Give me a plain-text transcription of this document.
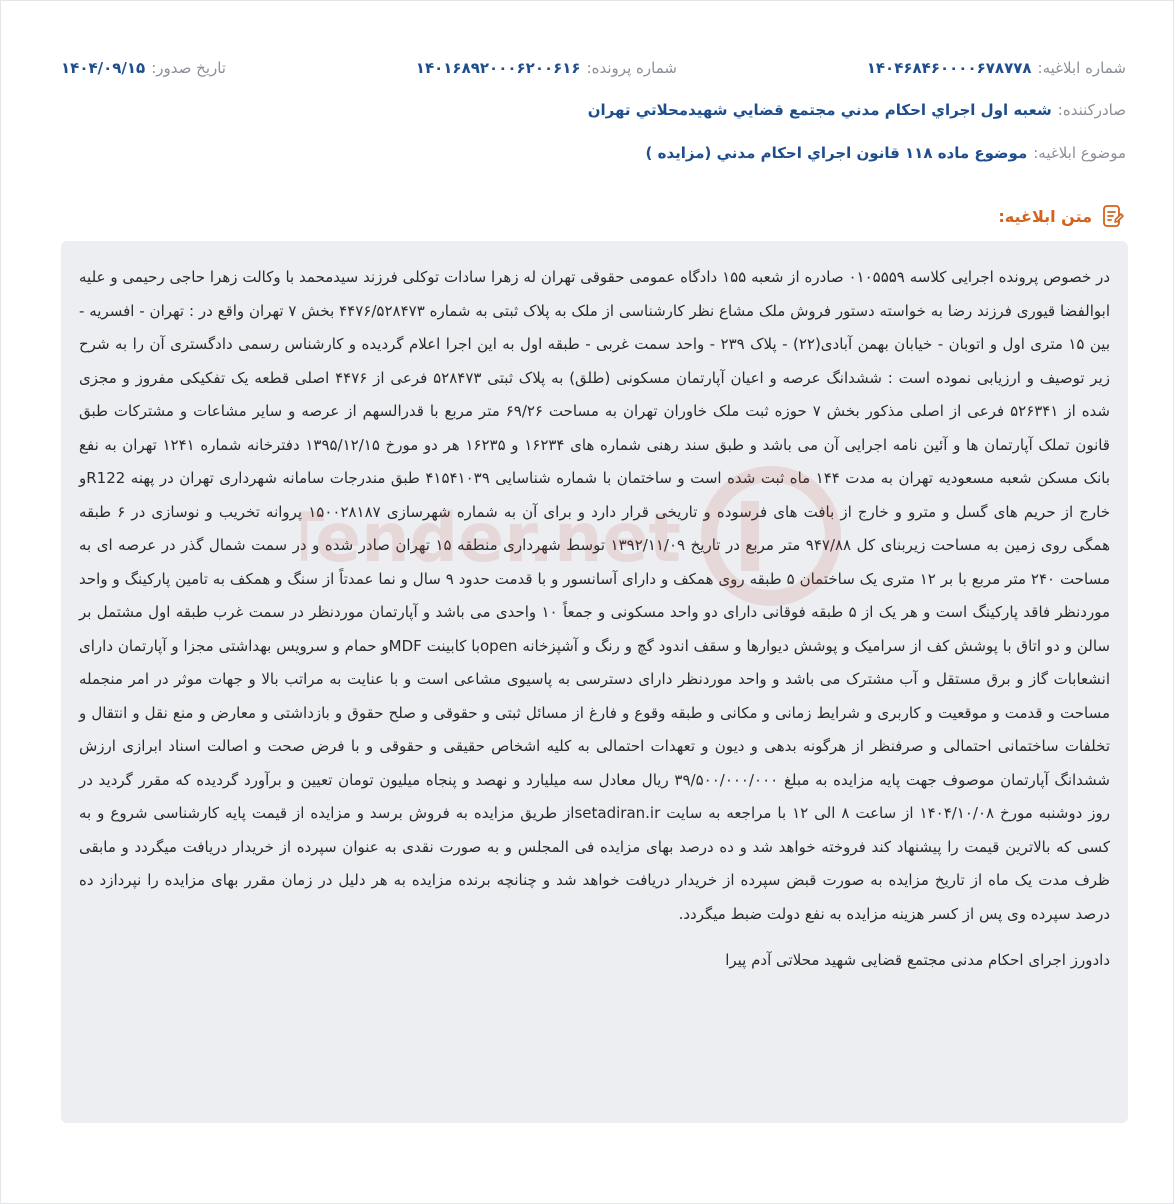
شماره ابلاغیه:
۱۴۰۴۶۸۴۶۰۰۰۰۶۷۸۷۷۸
شماره پرونده:
۱۴۰۱۶۸۹۲۰۰۰۶۲۰۰۶۱۶
تاریخ صدور:
۱۴۰۴/۰۹/۱۵
صادرکننده:
شعبه اول اجراي احکام مدني مجتمع قضايي شهيدمحلاتي تهران
موضوع ابلاغیه:
موضوع ماده ۱۱۸ قانون اجراي احکام مدني (مزايده )
متن ابلاغیه:

در خصوص پرونده اجرایی کلاسه ۰۱۰۵۵۵۹ صادره از شعبه ۱۵۵ دادگاه عمومی حقوقی تهران له زهرا سادات توکلی فرزند سیدمحمد با وکالت زهرا حاجی رحیمی و علیه ابوالفضا قیوری فرزند رضا به خواسته دستور فروش ملک مشاع نظر کارشناسی از ملک به پلاک ثبتی به شماره ۴۴۷۶/۵۲۸۴۷۳ بخش ۷ تهران واقع در : تهران - افسریه - بین ۱۵ متری اول و اتوبان - خیابان بهمن آبادی(۲۲) - پلاک ۲۳۹ - واحد سمت غربی - طبقه اول به این اجرا اعلام گردیده و کارشناس رسمی دادگستری آن را به شرح زیر توصیف و ارزیابی نموده است : ششدانگ عرصه و اعیان آپارتمان مسکونی (طلق) به پلاک ثبتی ۵۲۸۴۷۳ فرعی از ۴۴۷۶ اصلی قطعه یک تفکیکی مفروز و مجزی شده از ۵۲۶۳۴۱ فرعی از اصلی مذکور بخش ۷ حوزه ثبت ملک خاوران تهران به مساحت ۶۹/۲۶ متر مربع با قدرالسهم از عرصه و سایر مشاعات و مشترکات طبق قانون تملک آپارتمان ها و آئین نامه اجرایی آن می باشد و طبق سند رهنی شماره های ۱۶۲۳۴ و ۱۶۲۳۵ هر دو مورخ ۱۳۹۵/۱۲/۱۵ دفترخانه شماره ۱۲۴۱ تهران به نفع بانک مسکن شعبه مسعودیه تهران به مدت ۱۴۴ ماه ثبت شده است و ساختمان با شماره شناسایی ۴۱۵۴۱۰۳۹ طبق مندرجات سامانه شهرداری تهران در پهنه R122و خارج از حریم های گسل و مترو و خارج از بافت های فرسوده و تاریخی قرار دارد و برای آن به شماره شهرسازی ۱۵۰۰۲۸۱۸۷ پروانه تخریب و نوسازی در ۶ طبقه همگی روی زمین به مساحت زیربنای کل ۹۴۷/۸۸ متر مربع در تاریخ ۱۳۹۲/۱۱/۰۹ توسط شهرداری منطقه ۱۵ تهران صادر شده و در سمت شمال گذر در عرصه ای به مساحت ۲۴۰ متر مربع با بر ۱۲ متری یک ساختمان ۵ طبقه روی همکف و دارای آسانسور و با قدمت حدود ۹ سال و نما عمدتاً از سنگ و همکف به تامین پارکینگ و واحد موردنظر فاقد پارکینگ است و هر یک از ۵ طبقه فوقانی دارای دو واحد مسکونی و جمعاً ۱۰ واحدی می باشد و آپارتمان موردنظر در سمت غرب طبقه اول مشتمل بر سالن و دو اتاق با پوشش کف از سرامیک و پوشش دیوارها و سقف اندود گچ و رنگ و آشپزخانه openبا کابینت MDFو حمام و سرویس بهداشتی مجزا و آپارتمان دارای انشعابات گاز و برق مستقل و آب مشترک می باشد و واحد موردنظر دارای دسترسی به پاسیوی مشاعی است و با عنایت به مراتب بالا و جهات موثر در امر منجمله مساحت و قدمت و موقعیت و کاربری و شرایط زمانی و مکانی و طبقه وقوع و فارغ از مسائل ثبتی و حقوقی و صلح حقوق و بازداشتی و معارض و منع نقل و انتقال و تخلفات ساختمانی احتمالی و صرفنظر از هرگونه بدهی و دیون و تعهدات احتمالی به کلیه اشخاص حقیقی و حقوقی و با فرض صحت و اصالت اسناد ابرازی ارزش ششدانگ آپارتمان موصوف جهت پایه مزایده به مبلغ ۳۹/۵۰۰/۰۰۰/۰۰۰ ریال معادل سه میلیارد و نهصد و پنجاه میلیون تومان تعیین و برآورد گردیده که مقرر گردید در روز دوشنبه مورخ ۱۴۰۴/۱۰/۰۸ از ساعت ۸ الی ۱۲ با مراجعه به سایت setadiran.irاز طریق مزایده به فروش برسد و مزایده از قیمت پایه کارشناسی شروع و به کسی که بالاترین قیمت را پیشنهاد کند فروخته خواهد شد و ده درصد بهای مزایده فی المجلس و به صورت نقدی به عنوان سپرده از خریدار دریافت میگردد و مابقی ظرف مدت یک ماه از تاریخ مزایده به صورت قبض سپرده از خریدار دریافت خواهد شد و چنانچه برنده مزایده به هر دلیل در زمان مقرر بهای مزایده را نپردازد ده درصد سپرده وی پس از کسر هزینه مزایده به نفع دولت ضبط میگردد.

دادورز اجرای احکام مدنی مجتمع قضایی شهید محلاتی آدم پیرا
